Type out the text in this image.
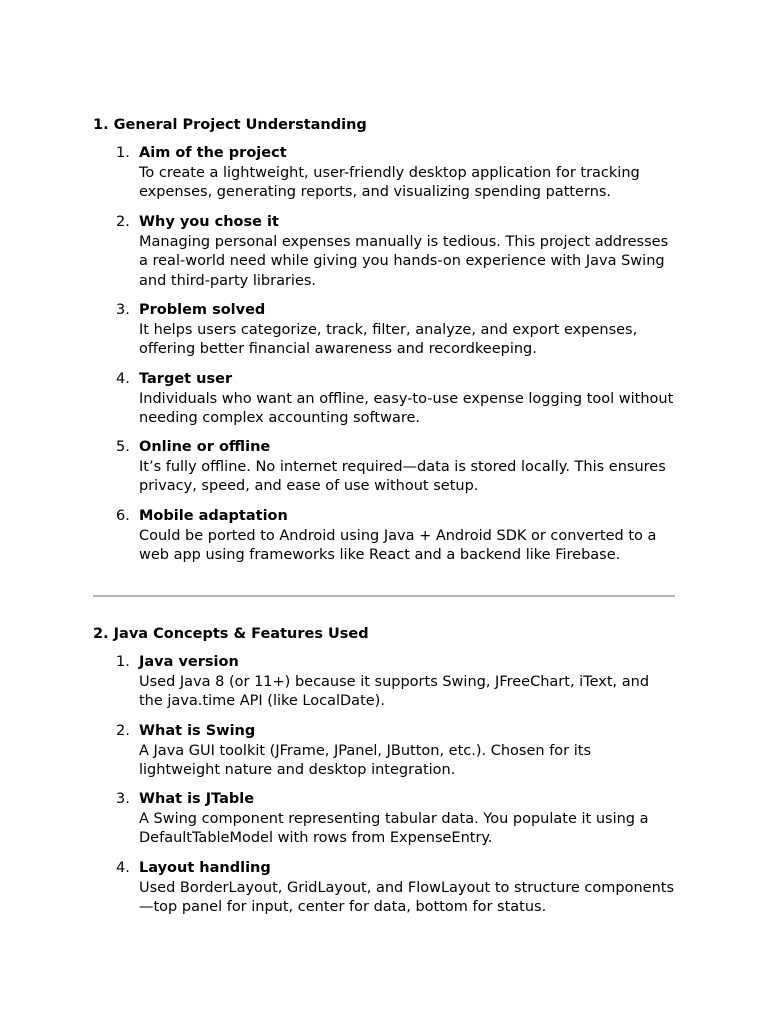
1. General Project Understanding
1. Aim of the project
To create a lightweight, user-friendly desktop application for tracking expenses, generating reports, and visualizing spending patterns.
2. Why you chose it
Managing personal expenses manually is tedious. This project addresses a real-world need while giving you hands-on experience with Java Swing and third-party libraries.
3. Problem solved
It helps users categorize, track, filter, analyze, and export expenses, offering better financial awareness and recordkeeping.
4. Target user
Individuals who want an offline, easy-to-use expense logging tool without needing complex accounting software.
5. Online or offline
It’s fully offline. No internet required—data is stored locally. This ensures privacy, speed, and ease of use without setup.
6. Mobile adaptation
Could be ported to Android using Java + Android SDK or converted to a web app using frameworks like React and a backend like Firebase.
2. Java Concepts & Features Used
1. Java version
Used Java 8 (or 11+) because it supports Swing, JFreeChart, iText, and the java.time API (like LocalDate).
2. What is Swing
A Java GUI toolkit (JFrame, JPanel, JButton, etc.). Chosen for its lightweight nature and desktop integration.
3. What is JTable
A Swing component representing tabular data. You populate it using a DefaultTableModel with rows from ExpenseEntry.
4. Layout handling
Used BorderLayout, GridLayout, and FlowLayout to structure components—top panel for input, center for data, bottom for status.
